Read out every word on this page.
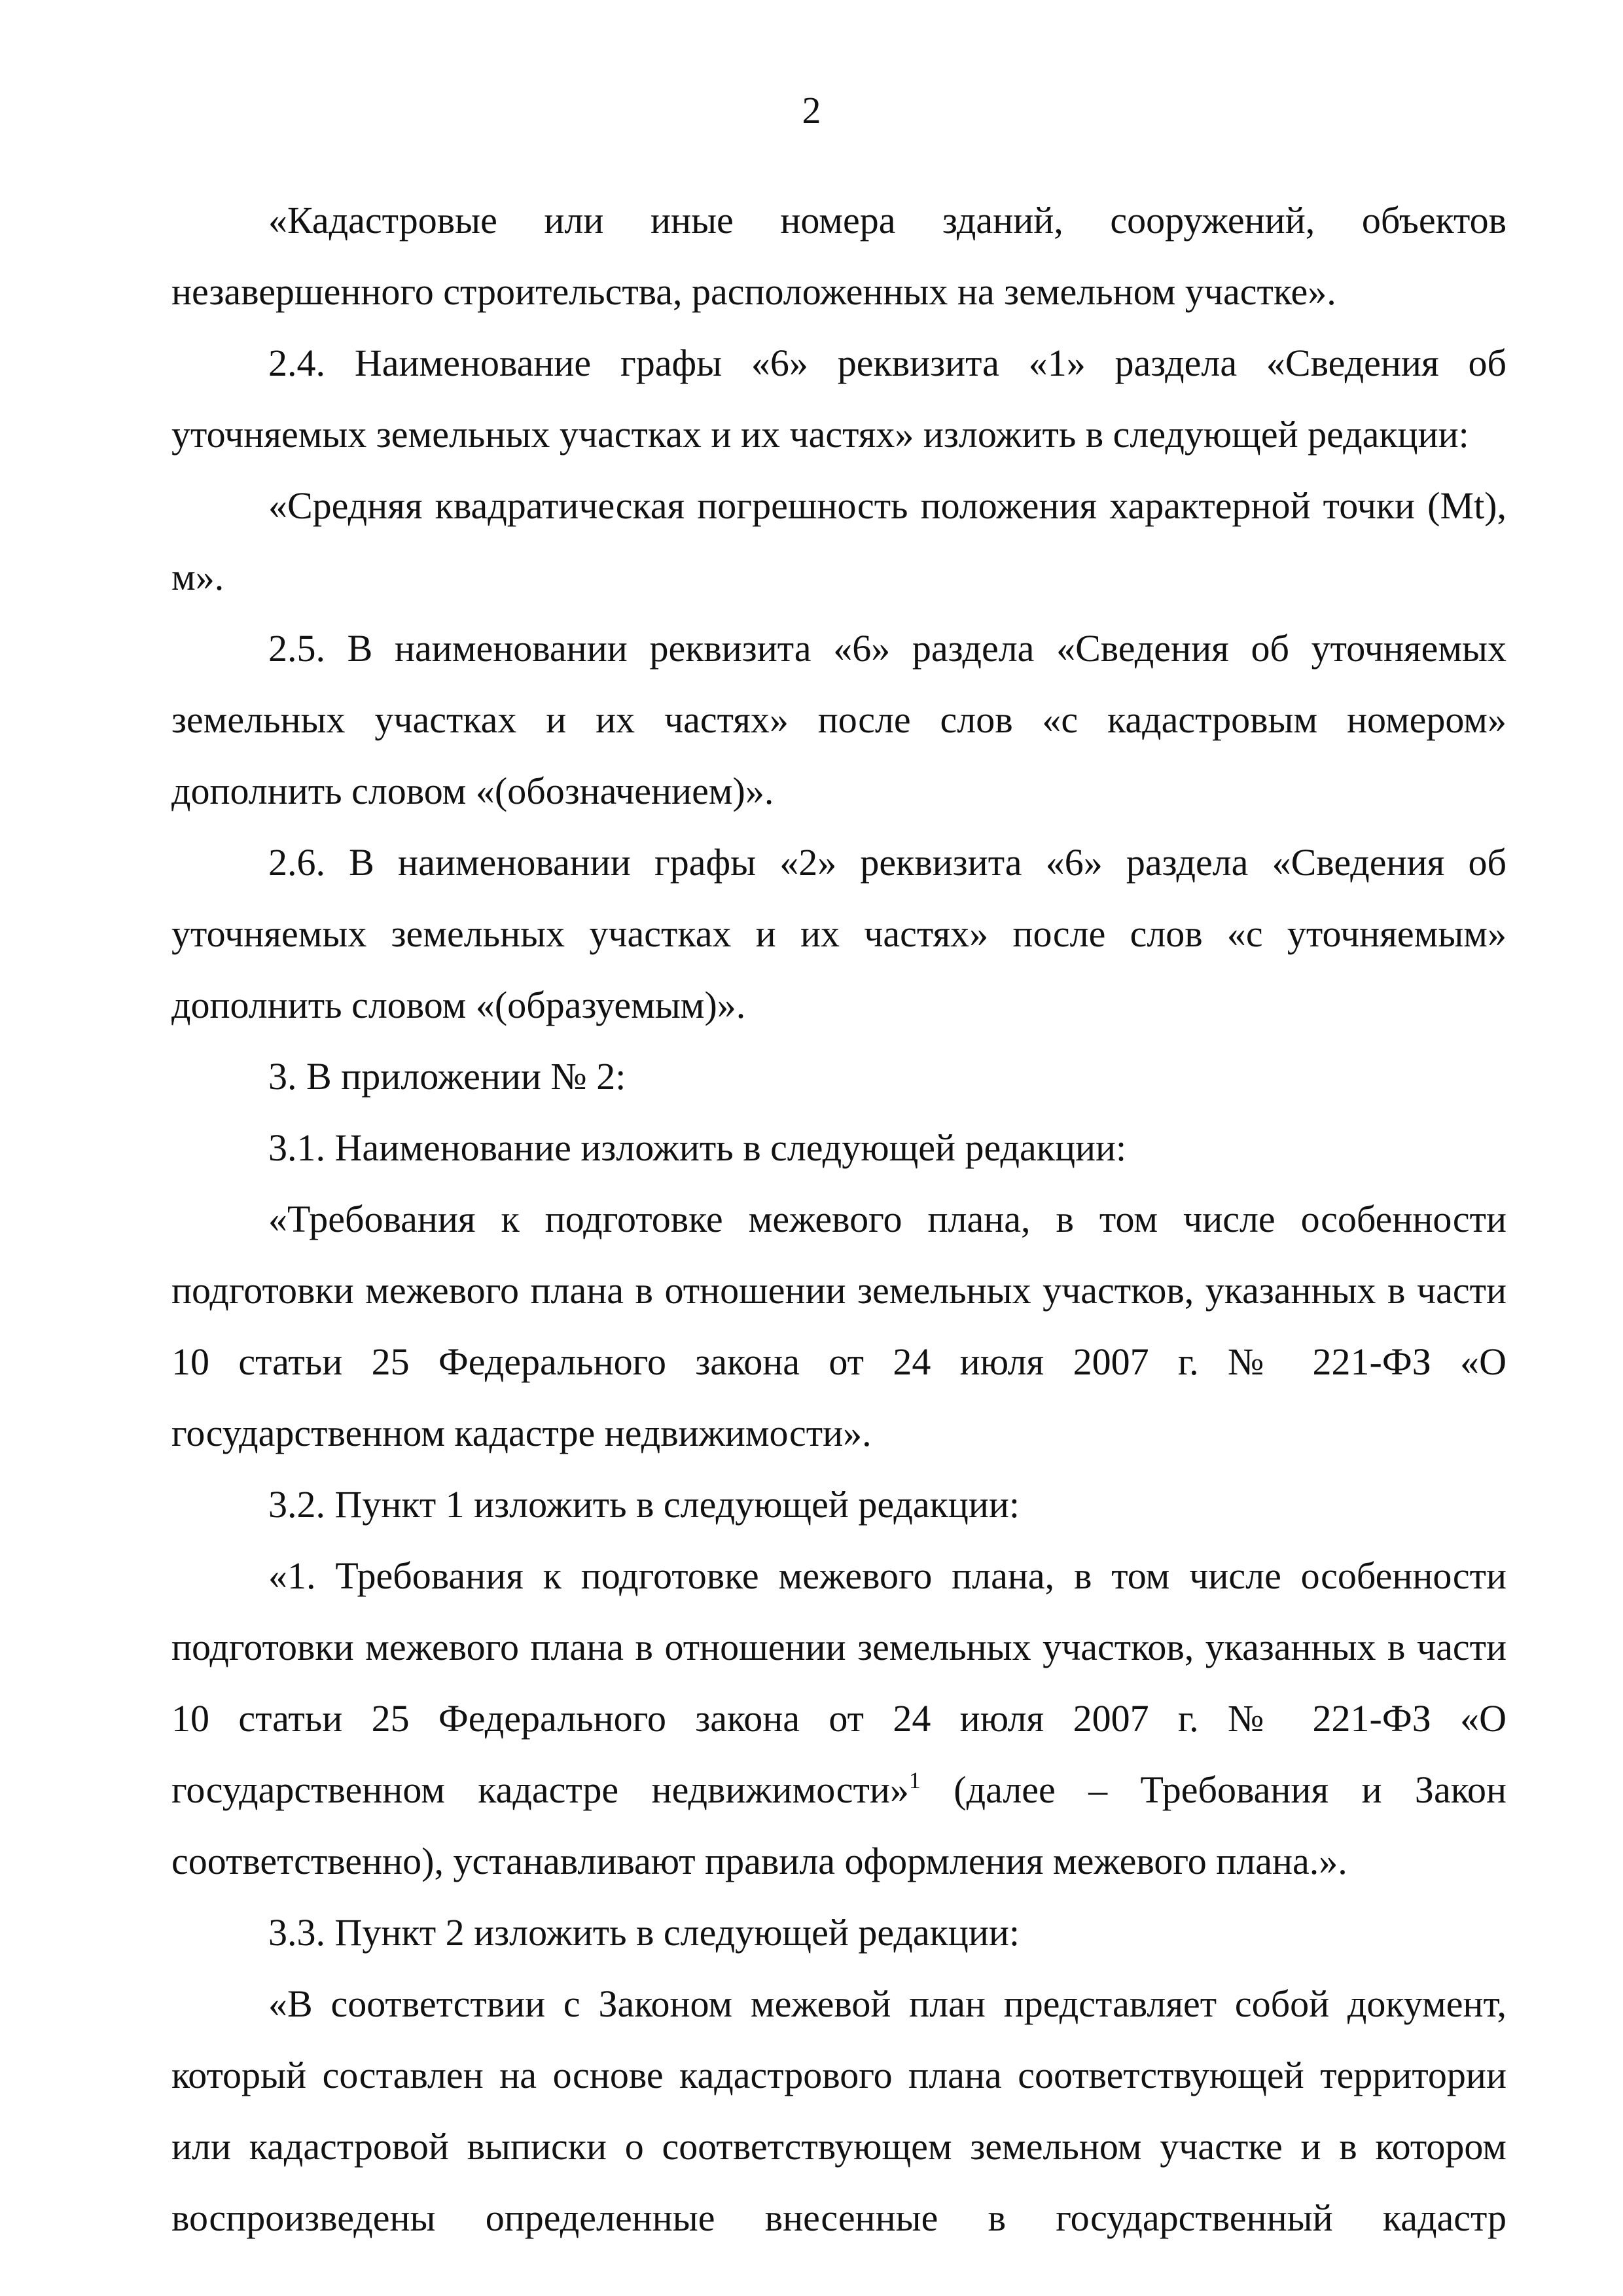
2

«Кадастровые или иные номера зданий, сооружений, объектов незавершенного строительства, расположенных на земельном участке».

2.4. Наименование графы «6» реквизита «1» раздела «Сведения об уточняемых земельных участках и их частях» изложить в следующей редакции:

«Средняя квадратическая погрешность положения характерной точки (Mt), м».

2.5. В наименовании реквизита «6» раздела «Сведения об уточняемых земельных участках и их частях» после слов «с кадастровым номером» дополнить словом «(обозначением)».

2.6. В наименовании графы «2» реквизита «6» раздела «Сведения об уточняемых земельных участках и их частях» после слов «с уточняемым» дополнить словом «(образуемым)».

3. В приложении № 2:

3.1. Наименование изложить в следующей редакции:

«Требования к подготовке межевого плана, в том числе особенности подготовки межевого плана в отношении земельных участков, указанных в части 10 статьи 25 Федерального закона от 24 июля 2007 г. № 221-ФЗ «О государственном кадастре недвижимости».

3.2. Пункт 1 изложить в следующей редакции:

«1. Требования к подготовке межевого плана, в том числе особенности подготовки межевого плана в отношении земельных участков, указанных в части 10 статьи 25 Федерального закона от 24 июля 2007 г. № 221-ФЗ «О государственном кадастре недвижимости»$^1$ (далее – Требования и Закон соответственно), устанавливают правила оформления межевого плана.».

3.3. Пункт 2 изложить в следующей редакции:

«В соответствии с Законом межевой план представляет собой документ, который составлен на основе кадастрового плана соответствующей территории или кадастровой выписки о соответствующем земельном участке и в котором воспроизведены определенные внесенные в государственный кадастр
